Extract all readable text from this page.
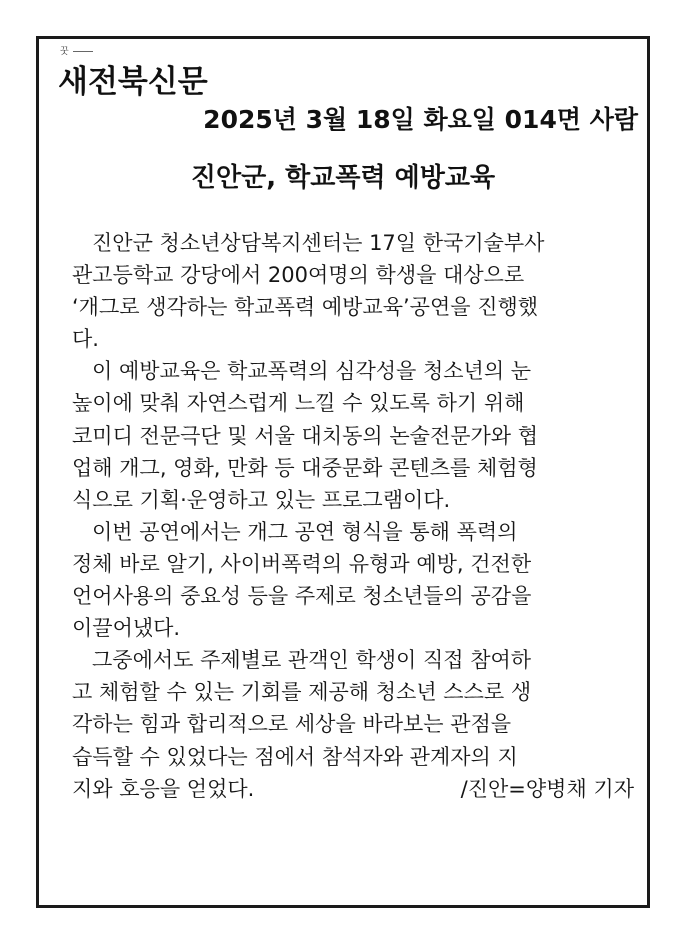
꿋
새전북신문
2025년 3월 18일 화요일 014면 사람
진안군, 학교폭력 예방교육
진안군 청소년상담복지센터는 17일 한국기술부사
관고등학교 강당에서 200여명의 학생을 대상으로
‘개그로 생각하는 학교폭력 예방교육’공연을 진행했
다.
이 예방교육은 학교폭력의 심각성을 청소년의 눈
높이에 맞춰 자연스럽게 느낄 수 있도록 하기 위해
코미디 전문극단 및 서울 대치동의 논술전문가와 협
업해 개그, 영화, 만화 등 대중문화 콘텐츠를 체험형
식으로 기획·운영하고 있는 프로그램이다.
이번 공연에서는 개그 공연 형식을 통해 폭력의
정체 바로 알기, 사이버폭력의 유형과 예방, 건전한
언어사용의 중요성 등을 주제로 청소년들의 공감을
이끌어냈다.
그중에서도 주제별로 관객인 학생이 직접 참여하
고 체험할 수 있는 기회를 제공해 청소년 스스로 생
각하는 힘과 합리적으로 세상을 바라보는 관점을
습득할 수 있었다는 점에서 참석자와 관계자의 지
지와 호응을 얻었다.	/진안=양병채 기자
